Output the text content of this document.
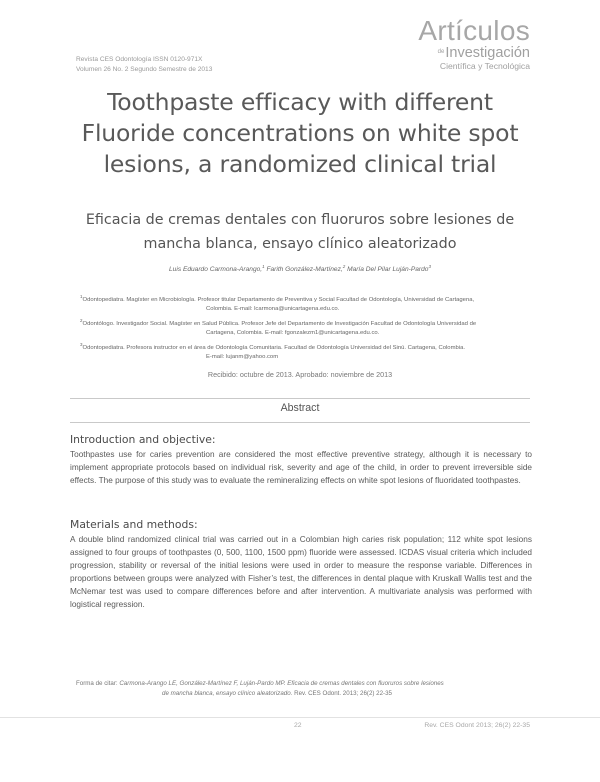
Revista CES Odontología ISSN 0120-971X
Volumen 26 No. 2 Segundo Semestre de 2013
Artículos
$^{de}$Investigación
Científica y Tecnológica
Toothpaste efficacy with different
Fluoride concentrations on white spot
lesions, a randomized clinical trial
Eficacia de cremas dentales con fluoruros sobre lesiones de
mancha blanca, ensayo clínico aleatorizado
Luis Eduardo Carmona-Arango,$^1$ Farith González-Martínez,$^2$ María Del Pilar Luján-Pardo$^3$
$^1$Odontopediatra. Magíster en Microbiología. Profesor titular Departamento de Preventiva y Social Facultad de Odontología, Universidad de Cartagena,
Colombia. E-mail: lcarmona@unicartagena.edu.co.
$^2$Odontólogo. Investigador Social. Magíster en Salud Pública. Profesor Jefe del Departamento de Investigación Facultad de Odontología Universidad de
Cartagena, Colombia. E-mail: fgonzalezm1@unicartagena.edu.co.
$^3$Odontopediatra. Profesora instructor en el área de Odontología Comunitaria. Facultad de Odontología Universidad del Sinú. Cartagena, Colombia.
E-mail: lujanm@yahoo.com
Recibido: octubre de 2013. Aprobado: noviembre de 2013
Abstract
Introduction and objective:

Toothpastes use for caries prevention are considered the most effective preventive strategy, although it is necessary to implement appropriate protocols based on individual risk, severity and age of the child, in order to prevent irreversible side effects. The purpose of this study was to evaluate the remineralizing effects on white spot lesions of fluoridated toothpastes.

Materials and methods:

A double blind randomized clinical trial was carried out in a Colombian high caries risk population; 112 white spot lesions assigned to four groups of toothpastes (0, 500, 1100, 1500 ppm) fluoride were assessed. ICDAS visual criteria which included progression, stability or reversal of the initial lesions were used in order to measure the response variable. Differences in proportions between groups were analyzed with Fisher’s test, the differences in dental plaque with Kruskall Wallis test and the McNemar test was used to compare differences before and after intervention. A multivariate analysis was performed with logistical regression.

Forma de citar: Carmona-Arango LE, González-Martínez F, Luján-Pardo MP. Eficacia de cremas dentales con fluoruros sobre lesiones
de mancha blanca, ensayo clínico aleatorizado. Rev. CES Odont. 2013; 26(2) 22-35
22	Rev. CES Odont 2013; 26(2) 22-35
